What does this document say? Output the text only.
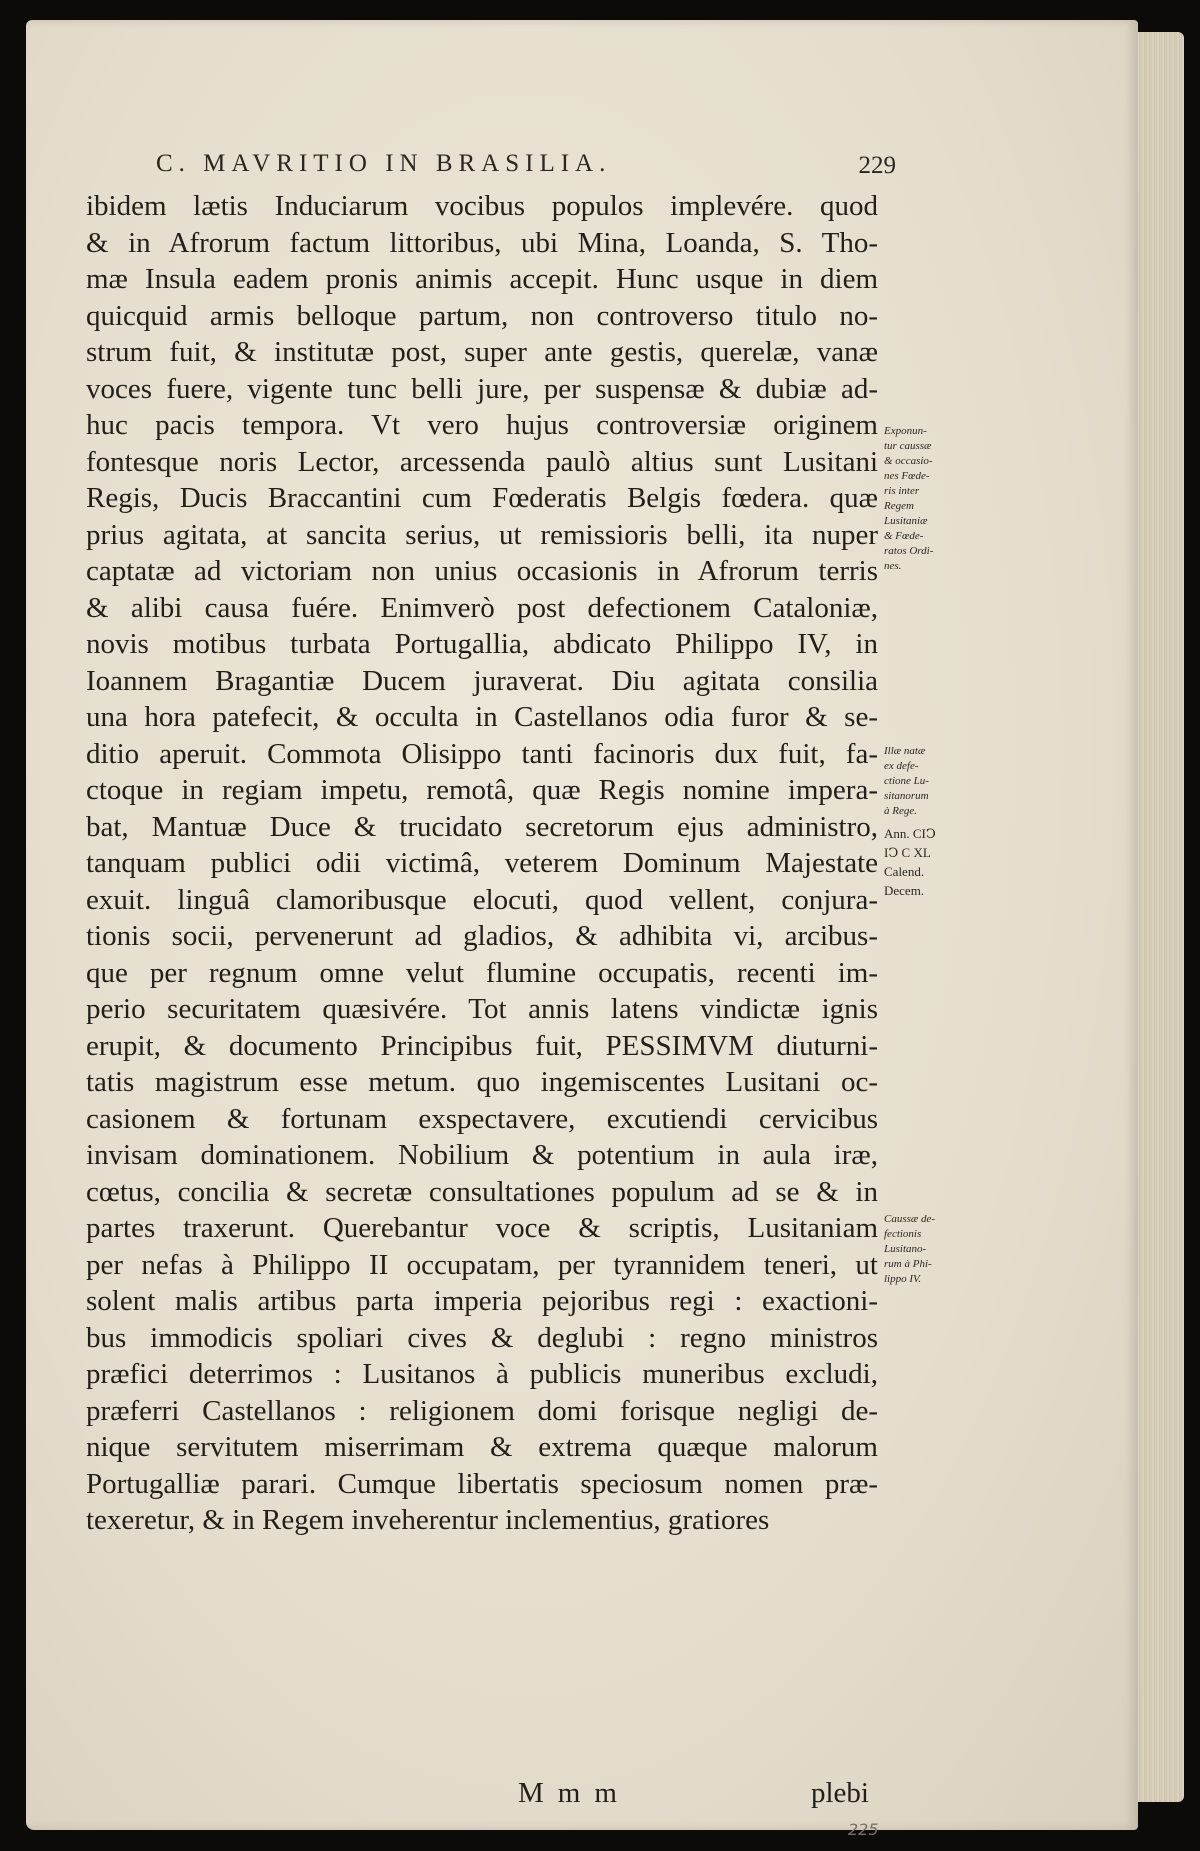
C. MAVRITIO IN BRASILIA.	229
ibidem lætis Induciarum vocibus populos implevére. quod
& in Afrorum factum littoribus, ubi Mina, Loanda, S. Tho-
mæ Insula eadem pronis animis accepit. Hunc usque in diem
quicquid armis belloque partum, non controverso titulo no-
strum fuit, & institutæ post, super ante gestis, querelæ, vanæ
voces fuere, vigente tunc belli jure, per suspensæ & dubiæ ad-
huc pacis tempora. Vt vero hujus controversiæ originem
fontesque noris Lector, arcessenda paulò altius sunt Lusitani
Regis, Ducis Braccantini cum Fœderatis Belgis fœdera. quæ
prius agitata, at sancita serius, ut remissioris belli, ita nuper
captatæ ad victoriam non unius occasionis in Afrorum terris
& alibi causa fuére. Enimverò post defectionem Cataloniæ,
novis motibus turbata Portugallia, abdicato Philippo IV, in
Ioannem Bragantiæ Ducem juraverat. Diu agitata consilia
una hora patefecit, & occulta in Castellanos odia furor & se-
ditio aperuit. Commota Olisippo tanti facinoris dux fuit, fa-
ctoque in regiam impetu, remotâ, quæ Regis nomine impera-
bat, Mantuæ Duce & trucidato secretorum ejus administro,
tanquam publici odii victimâ, veterem Dominum Majestate
exuit. linguâ clamoribusque elocuti, quod vellent, conjura-
tionis socii, pervenerunt ad gladios, & adhibita vi, arcibus-
que per regnum omne velut flumine occupatis, recenti im-
perio securitatem quæsivére. Tot annis latens vindictæ ignis
erupit, & documento Principibus fuit, PESSIMVM diuturni-
tatis magistrum esse metum. quo ingemiscentes Lusitani oc-
casionem & fortunam exspectavere, excutiendi cervicibus
invisam dominationem. Nobilium & potentium in aula iræ,
cœtus, concilia & secretæ consultationes populum ad se & in
partes traxerunt. Querebantur voce & scriptis, Lusitaniam
per nefas à Philippo II occupatam, per tyrannidem teneri, ut
solent malis artibus parta imperia pejoribus regi : exactioni-
bus immodicis spoliari cives & deglubi : regno ministros
præfici deterrimos : Lusitanos à publicis muneribus excludi,
præferri Castellanos : religionem domi forisque negligi de-
nique servitutem miserrimam & extrema quæque malorum
Portugalliæ parari. Cumque libertatis speciosum nomen præ-
texeretur, & in Regem inveherentur inclementius, gratiores
Exponun-
tur caussæ
& occasio-
nes Fœde-
ris inter
Regem
Lusitaniæ
& Fœde-
ratos Ordi-
nes.
Illæ natæ
ex defe-
ctione Lu-
sitanorum
à Rege.
Ann. CIↃ
IↃ C XL
Calend.
Decem.
Caussæ de-
fectionis
Lusitano-
rum à Phi-
lippo IV.
Mmm	plebi
225
